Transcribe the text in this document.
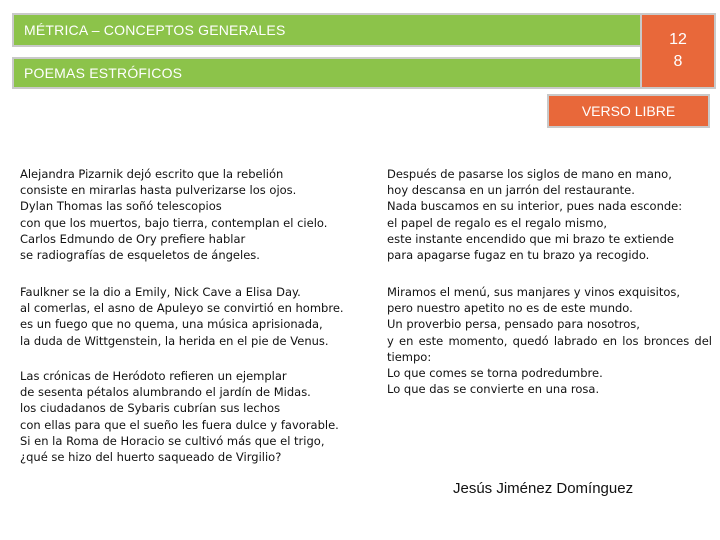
MÉTRICA – CONCEPTOS GENERALES
POEMAS ESTRÓFICOS
12
8
VERSO LIBRE
Alejandra Pizarnik dejó escrito que la rebelión
consiste en mirarlas hasta pulverizarse los ojos.
Dylan Thomas las soñó telescopios
con que los muertos, bajo tierra, contemplan el cielo.
Carlos Edmundo de Ory prefiere hablar
se radiografías de esqueletos de ángeles.
Faulkner se la dio a Emily, Nick Cave a Elisa Day.
al comerlas, el asno de Apuleyo se convirtió en hombre.
es un fuego que no quema, una música aprisionada,
la duda de Wittgenstein, la herida en el pie de Venus.
Las crónicas de Heródoto refieren un ejemplar
de sesenta pétalos alumbrando el jardín de Midas.
los ciudadanos de Sybaris cubrían sus lechos
con ellas para que el sueño les fuera dulce y favorable.
Si en la Roma de Horacio se cultivó más que el trigo,
¿qué se hizo del huerto saqueado de Virgilio?
Después de pasarse los siglos de mano en mano,
hoy descansa en un jarrón del restaurante.
Nada buscamos en su interior, pues nada esconde:
el papel de regalo es el regalo mismo,
este instante encendido que mi brazo te extiende
para apagarse fugaz en tu brazo ya recogido.
Miramos el menú, sus manjares y vinos exquisitos,
pero nuestro apetito no es de este mundo.
Un proverbio persa, pensado para nosotros,
y en este momento, quedó labrado en los bronces del tiempo:
Lo que comes se torna podredumbre.
Lo que das se convierte en una rosa.
Jesús Jiménez Domínguez
